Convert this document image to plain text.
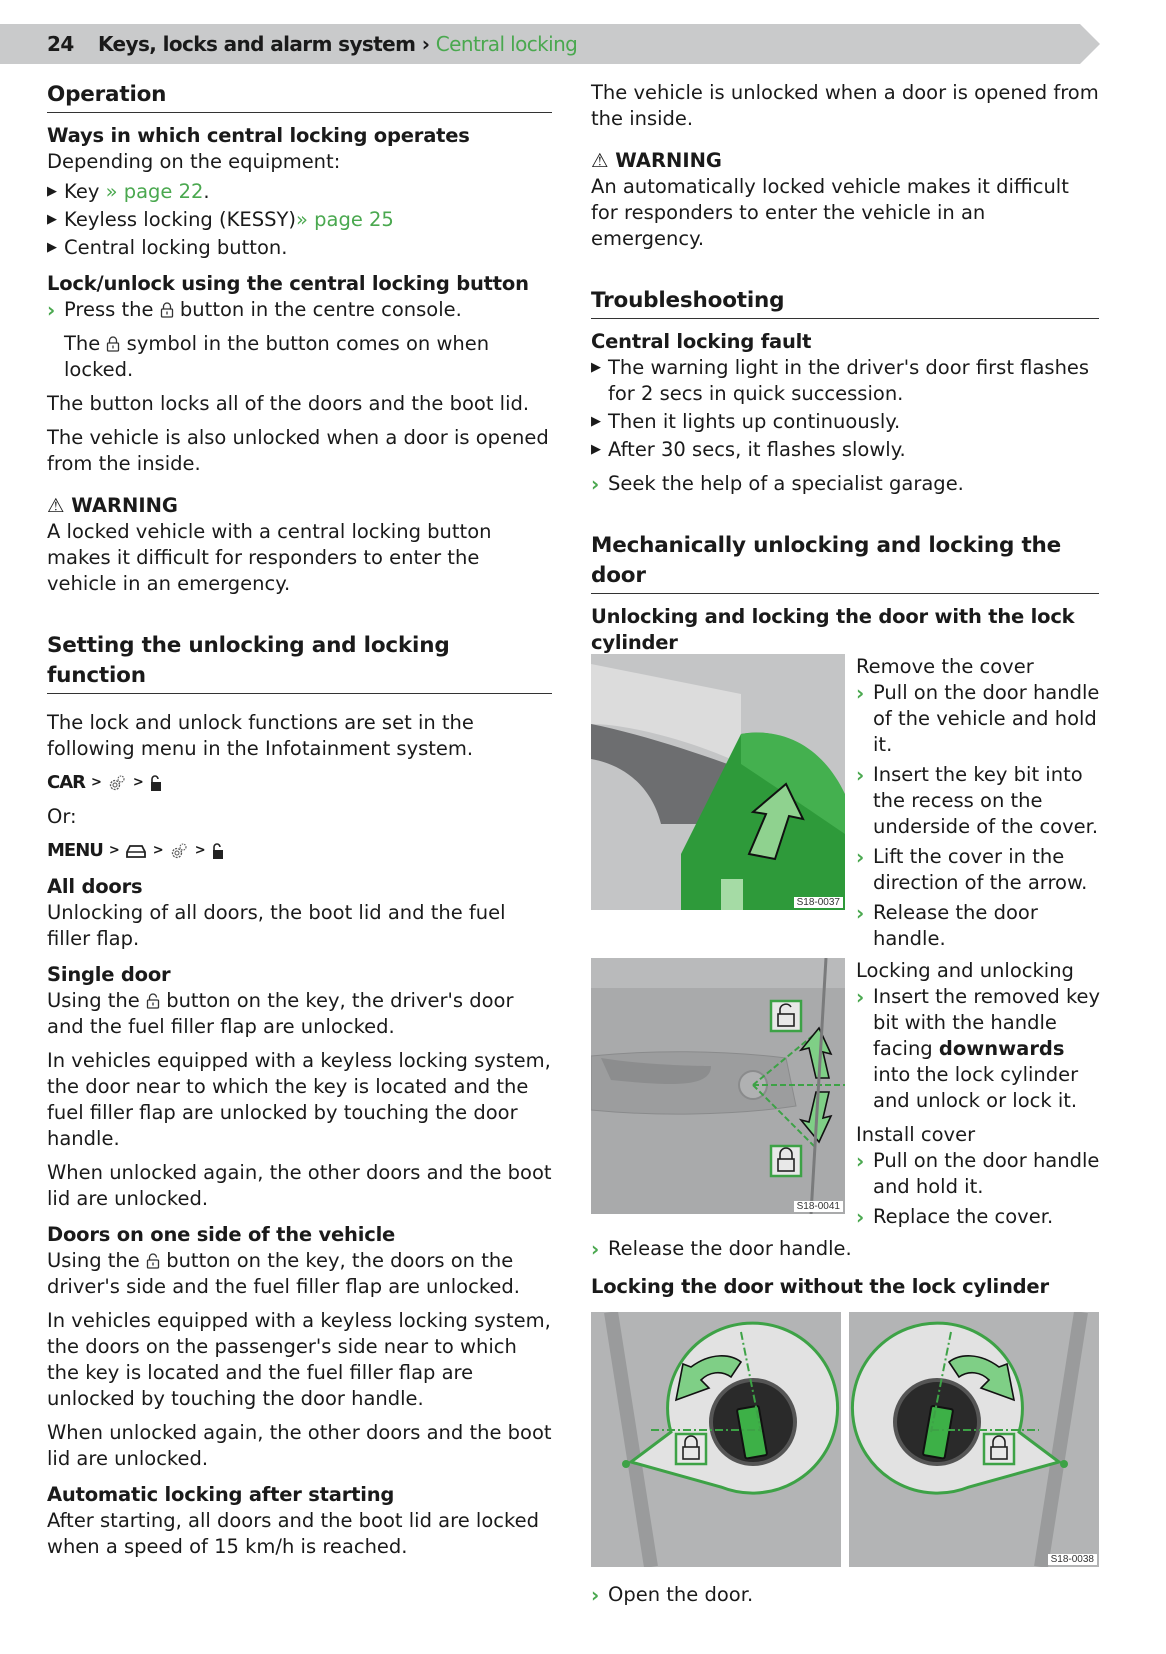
24 Keys, locks and alarm system › Central locking
Operation
Ways in which central locking operates

Depending on the equipment:

▶ Key » page 22.
▶ Keyless locking (KESSY)» page 25
▶ Central locking button.
Lock/unlock using the central locking button
› Press the  button in the centre console.

The  symbol in the button comes on when locked.

The button locks all of the doors and the boot lid.

The vehicle is also unlocked when a door is opened from the inside.

⚠ WARNING

A locked vehicle with a central locking button makes it difficult for responders to enter the vehicle in an emergency.

Setting the unlocking and locking function

The lock and unlock functions are set in the following menu in the Infotainment system.

CAR > >

Or:

MENU >	> >
All doors

Unlocking of all doors, the boot lid and the fuel filler flap.

Single door

Using the  button on the key, the driver's door and the fuel filler flap are unlocked.

In vehicles equipped with a keyless locking system, the door near to which the key is located and the fuel filler flap are unlocked by touching the door handle.

When unlocked again, the other doors and the boot lid are unlocked.

Doors on one side of the vehicle

Using the  button on the key, the doors on the driver's side and the fuel filler flap are unlocked.

In vehicles equipped with a keyless locking system, the doors on the passenger's side near to which the key is located and the fuel filler flap are unlocked by touching the door handle.

When unlocked again, the other doors and the boot lid are unlocked.

Automatic locking after starting

After starting, all doors and the boot lid are locked when a speed of 15 km/h is reached.

The vehicle is unlocked when a door is opened from the inside.

⚠ WARNING

An automatically locked vehicle makes it difficult for responders to enter the vehicle in an emergency.

Troubleshooting
Central locking fault
▶ The warning light in the driver's door first flashes for 2 secs in quick succession.
▶ Then it lights up continuously.
▶ After 30 secs, it flashes slowly.
› Seek the help of a specialist garage.
Mechanically unlocking and locking the door
Unlocking and locking the door with the lock cylinder
S18-0037

Remove the cover

› Pull on the door handle of the vehicle and hold it.
› Insert the key bit into the recess on the underside of the cover.
› Lift the cover in the direction of the arrow.
› Release the door handle.
S18-0041

Locking and unlocking

› Insert the removed key bit with the handle facing downwards into the lock cylinder and unlock or lock it.

Install cover

› Pull on the door handle and hold it.
› Replace the cover.
› Release the door handle.
Locking the door without the lock cylinder
S18-0038
› Open the door.
